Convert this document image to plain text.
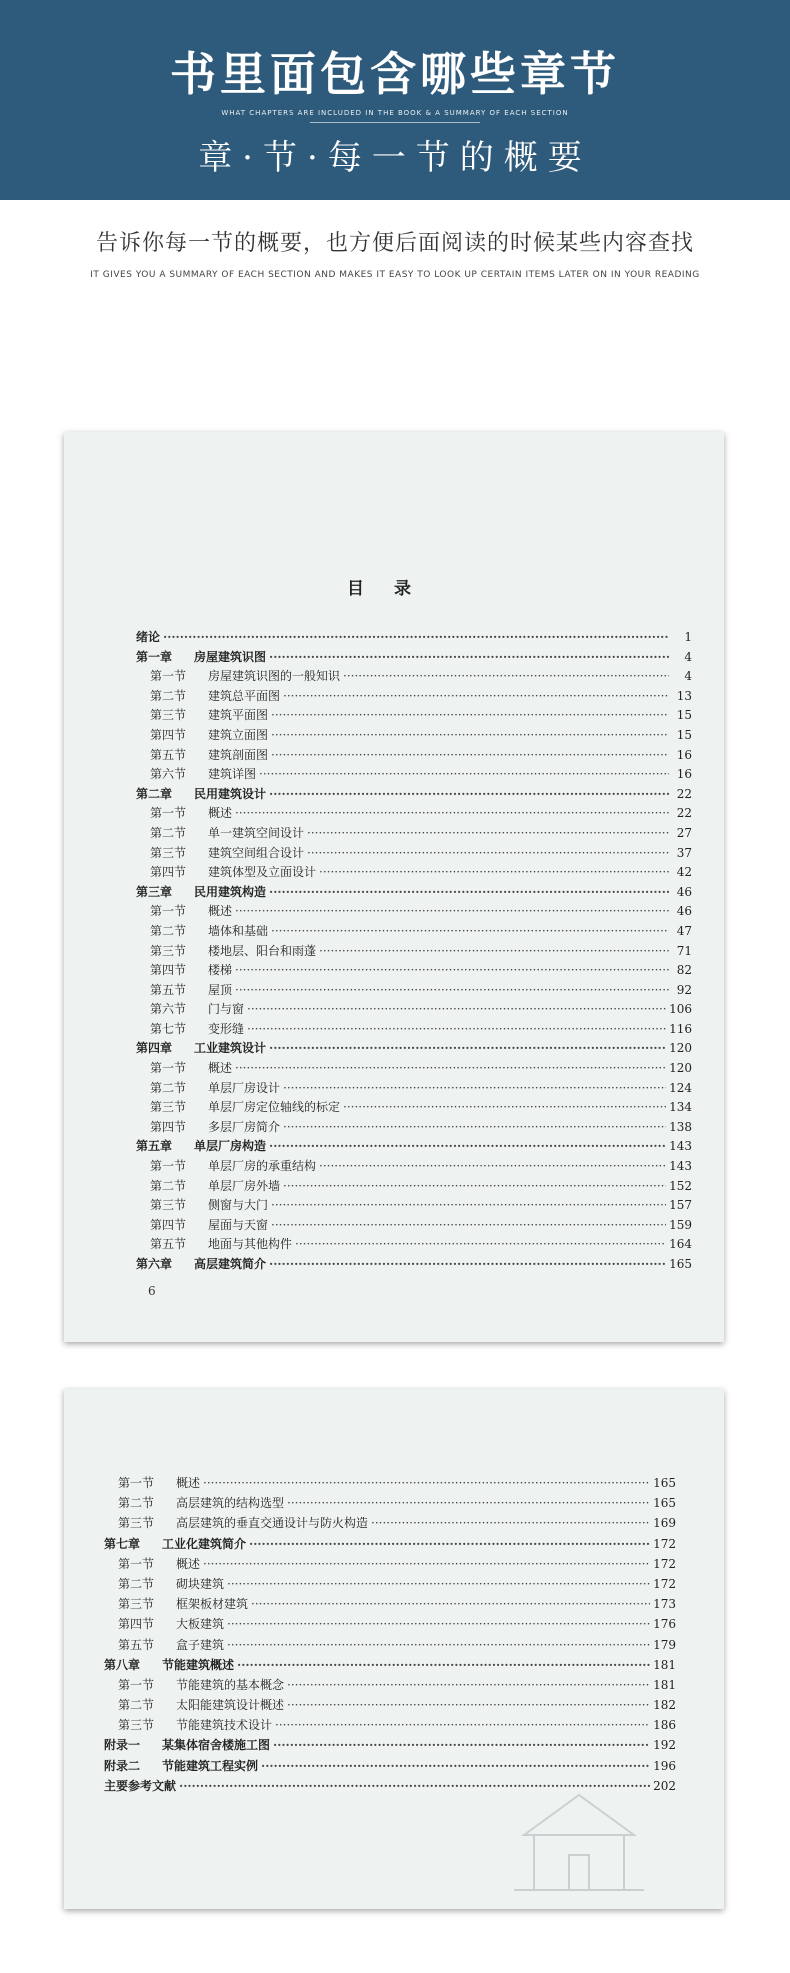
书里面包含哪些章节
WHAT CHAPTERS ARE INCLUDED IN THE BOOK & A SUMMARY OF EACH SECTION
章·节·每一节的概要
告诉你每一节的概要，也方便后面阅读的时候某些内容查找
IT GIVES YOU A SUMMARY OF EACH SECTION AND MAKES IT EASY TO LOOK UP CERTAIN ITEMS LATER ON IN YOUR READING
目录
绪论 ·····	1
第一章	房屋建筑识图 ·····	4
第一节	房屋建筑识图的一般知识 ·····	4
第二节	建筑总平面图 ·····	13
第三节	建筑平面图 ·····	15
第四节	建筑立面图 ·····	15
第五节	建筑剖面图 ·····	16
第六节	建筑详图 ·····	16
第二章	民用建筑设计 ·····	22
第一节	概述 ·····	22
第二节	单一建筑空间设计 ·····	27
第三节	建筑空间组合设计 ·····	37
第四节	建筑体型及立面设计 ·····	42
第三章	民用建筑构造 ·····	46
第一节	概述 ·····	46
第二节	墙体和基础 ·····	47
第三节	楼地层、阳台和雨蓬 ·····	71
第四节	楼梯 ·····	82
第五节	屋顶 ·····	92
第六节	门与窗 ·····	106
第七节	变形缝 ·····	116
第四章	工业建筑设计 ·····	120
第一节	概述 ·····	120
第二节	单层厂房设计 ·····	124
第三节	单层厂房定位轴线的标定 ·····	134
第四节	多层厂房简介 ·····	138
第五章	单层厂房构造 ·····	143
第一节	单层厂房的承重结构 ·····	143
第二节	单层厂房外墙 ·····	152
第三节	侧窗与大门 ·····	157
第四节	屋面与天窗 ·····	159
第五节	地面与其他构件 ·····	164
第六章	高层建筑简介 ·····	165
6
第一节	概述 ·····	165
第二节	高层建筑的结构选型 ·····	165
第三节	高层建筑的垂直交通设计与防火构造 ·····	169
第七章	工业化建筑简介 ·····	172
第一节	概述 ·····	172
第二节	砌块建筑 ·····	172
第三节	框架板材建筑 ·····	173
第四节	大板建筑 ·····	176
第五节	盒子建筑 ·····	179
第八章	节能建筑概述 ·····	181
第一节	节能建筑的基本概念 ·····	181
第二节	太阳能建筑设计概述 ·····	182
第三节	节能建筑技术设计 ·····	186
附录一	某集体宿舍楼施工图 ·····	192
附录二	节能建筑工程实例 ·····	196
主要参考文献 ·····	202
